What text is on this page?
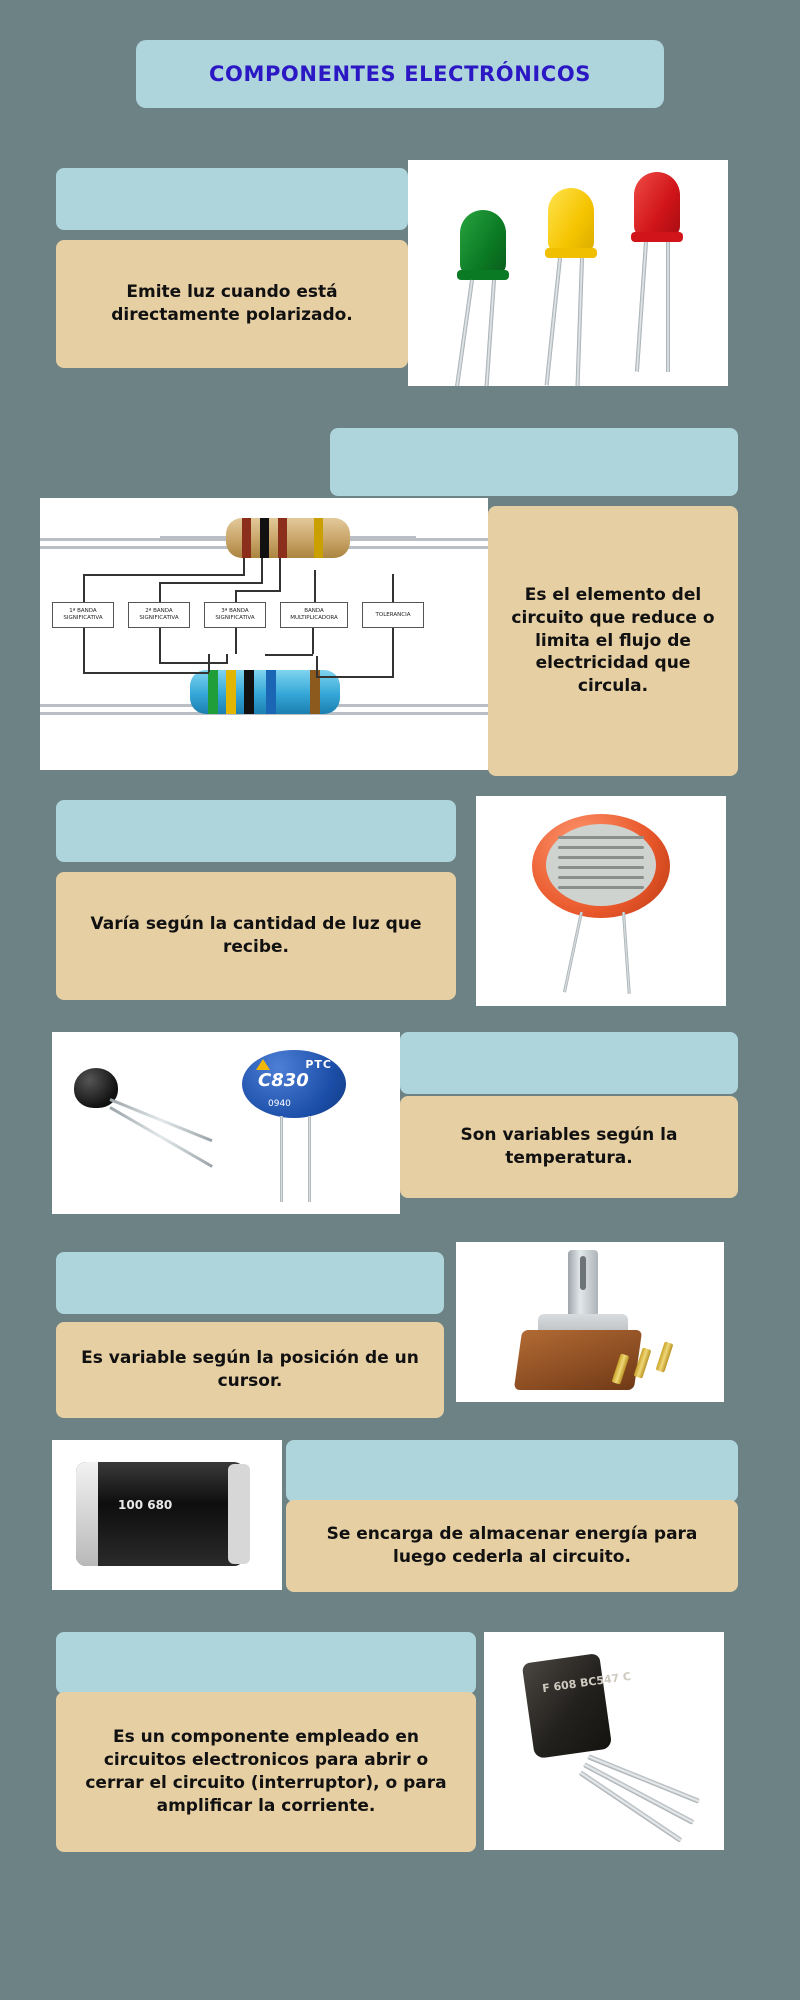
COMPONENTES ELECTRÓNICOS
Emite luz cuando está directamente polarizado.
1ª BANDA SIGNIFICATIVA
2ª BANDA SIGNIFICATIVA
3ª BANDA SIGNIFICATIVA
BANDA MULTIPLICADORA
TOLERANCIA
Es el elemento del circuito que reduce o limita el flujo de electricidad que circula.
Varía según la cantidad de luz que recibe.
PTC
C830
0940
Son variables según la temperatura.
Es variable según la posición de un cursor.
100 680
Se encarga de almacenar energía para luego cederla al circuito.
F 608 BC547 C
Es un componente empleado en circuitos electronicos para abrir o cerrar el circuito (interruptor), o para amplificar la corriente.
